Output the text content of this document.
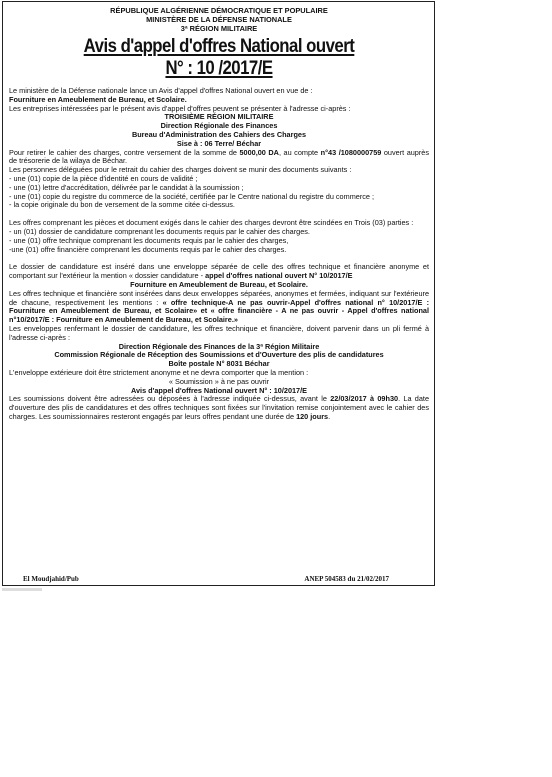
RÉPUBLIQUE ALGÉRIENNE DÉMOCRATIQUE ET POPULAIRE
MINISTÈRE DE LA DÉFENSE NATIONALE
3ª RÉGION MILITAIRE
Avis d'appel d'offres National ouvert
N° : 10 /2017/E
Le ministère de la Défense nationale lance un Avis d'appel d'offres National ouvert en vue de :
Fourniture en Ameublement de Bureau, et Scolaire.
Les entreprises intéressées par le présent avis d'appel d'offres peuvent se présenter à l'adresse ci-après :
TROISIÈME RÉGION MILITAIRE
Direction Régionale des Finances
Bureau d'Administration des Cahiers des Charges
Sise à : 06 Terre/ Béchar
Pour retirer le cahier des charges, contre versement de la somme de 5000,00 DA, au compte n°43 /1080000759 ouvert auprès de trésorerie de la wilaya de Béchar.
Les personnes déléguées pour le retrait du cahier des charges doivent se munir des documents suivants :
- une (01) copie de la pièce d'identité en cours de validité ;
- une (01) lettre d'accréditation, délivrée par le candidat à la soumission ;
- une (01) copie du registre du commerce de la société, certifiée par le Centre national du registre du commerce ;
- la copie originale du bon de versement de la somme citée ci-dessus.
Les offres comprenant les pièces et document exigés dans le cahier des charges devront être scindées en Trois (03) parties :
- un (01) dossier de candidature comprenant les documents requis par le cahier des charges.
- une (01) offre technique comprenant les documents requis par le cahier des charges,
-une (01) offre financière comprenant les documents requis par le cahier des charges.
Le dossier de candidature est inséré dans une enveloppe séparée de celle des offres technique et financière anonyme et comportant sur l'extérieur la mention « dossier candidature - appel d'offres national ouvert N° 10/2017/E
Fourniture en Ameublement de Bureau, et Scolaire.
Les offres technique et financière sont insérées dans deux enveloppes séparées, anonymes et fermées, indiquant sur l'extérieure de chacune, respectivement les mentions : « offre technique-A ne pas ouvrir-Appel d'offres national n° 10/2017/E : Fourniture en Ameublement de Bureau, et Scolaire» et « offre financière - A ne pas ouvrir - Appel d'offres national n°10/2017/E : Fourniture en Ameublement de Bureau, et Scolaire.»
Les enveloppes renfermant le dossier de candidature, les offres technique et financière, doivent parvenir dans un pli fermé à l'adresse ci-après :
Direction Régionale des Finances de la 3ª Région Militaire
Commission Régionale de Réception des Soumissions et d'Ouverture des plis de candidatures
Boîte postale N° 8031 Béchar
L'enveloppe extérieure doit être strictement anonyme et ne devra comporter que la mention :
« Soumission » à ne pas ouvrir
Avis d'appel d'offres National ouvert N° : 10/2017/E
Les soumissions doivent être adressées ou déposées à l'adresse indiquée ci-dessus, avant le 22/03/2017 à 09h30. La date d'ouverture des plis de candidatures et des offres techniques sont fixées sur l'invitation remise conjointement avec le cahier des charges. Les soumissionnaires resteront engagés par leurs offres pendant une durée de 120 jours.
El Moudjahid/Pub	ANEP 504583 du 21/02/2017
